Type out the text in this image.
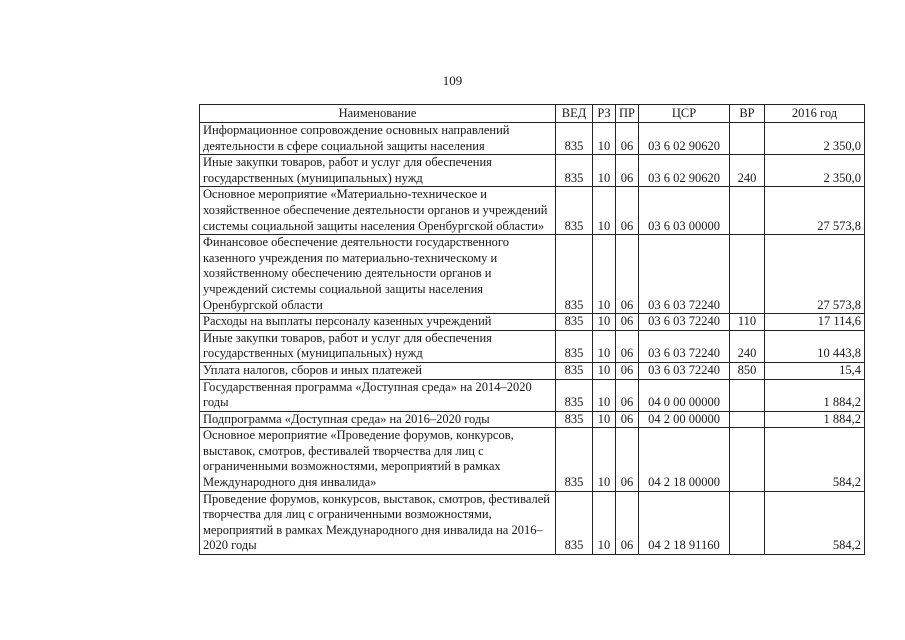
109
Наименование	ВЕД	РЗ	ПР	ЦСР	ВР	2016 год
Информационное сопровождение основных направлений деятельности в сфере социальной защиты населения	835	10	06	03 6 02 90620		2 350,0
Иные закупки товаров, работ и услуг для обеспечения государственных (муниципальных) нужд	835	10	06	03 6 02 90620	240	2 350,0
Основное мероприятие «Материально-техническое и хозяйственное обеспечение деятельности органов и учреждений системы социальной защиты населения Оренбургской области»	835	10	06	03 6 03 00000		27 573,8
Финансовое обеспечение деятельности государственного казенного учреждения по материально-техническому и хозяйственному обеспечению деятельности органов и учреждений системы социальной защиты населения Оренбургской области	835	10	06	03 6 03 72240		27 573,8
Расходы на выплаты персоналу казенных учреждений	835	10	06	03 6 03 72240	110	17 114,6
Иные закупки товаров, работ и услуг для обеспечения государственных (муниципальных) нужд	835	10	06	03 6 03 72240	240	10 443,8
Уплата налогов, сборов и иных платежей	835	10	06	03 6 03 72240	850	15,4
Государственная программа «Доступная среда» на 2014–2020 годы	835	10	06	04 0 00 00000		1 884,2
Подпрограмма «Доступная среда» на 2016–2020 годы	835	10	06	04 2 00 00000		1 884,2
Основное мероприятие «Проведение форумов, конкурсов, выставок, смотров, фестивалей творчества для лиц с ограниченными возможностями, мероприятий в рамках Международного дня инвалида»	835	10	06	04 2 18 00000		584,2
Проведение форумов, конкурсов, выставок, смотров, фестивалей творчества для лиц с ограниченными возможностями, мероприятий в рамках Международного дня инвалида на 2016–2020 годы	835	10	06	04 2 18 91160		584,2
